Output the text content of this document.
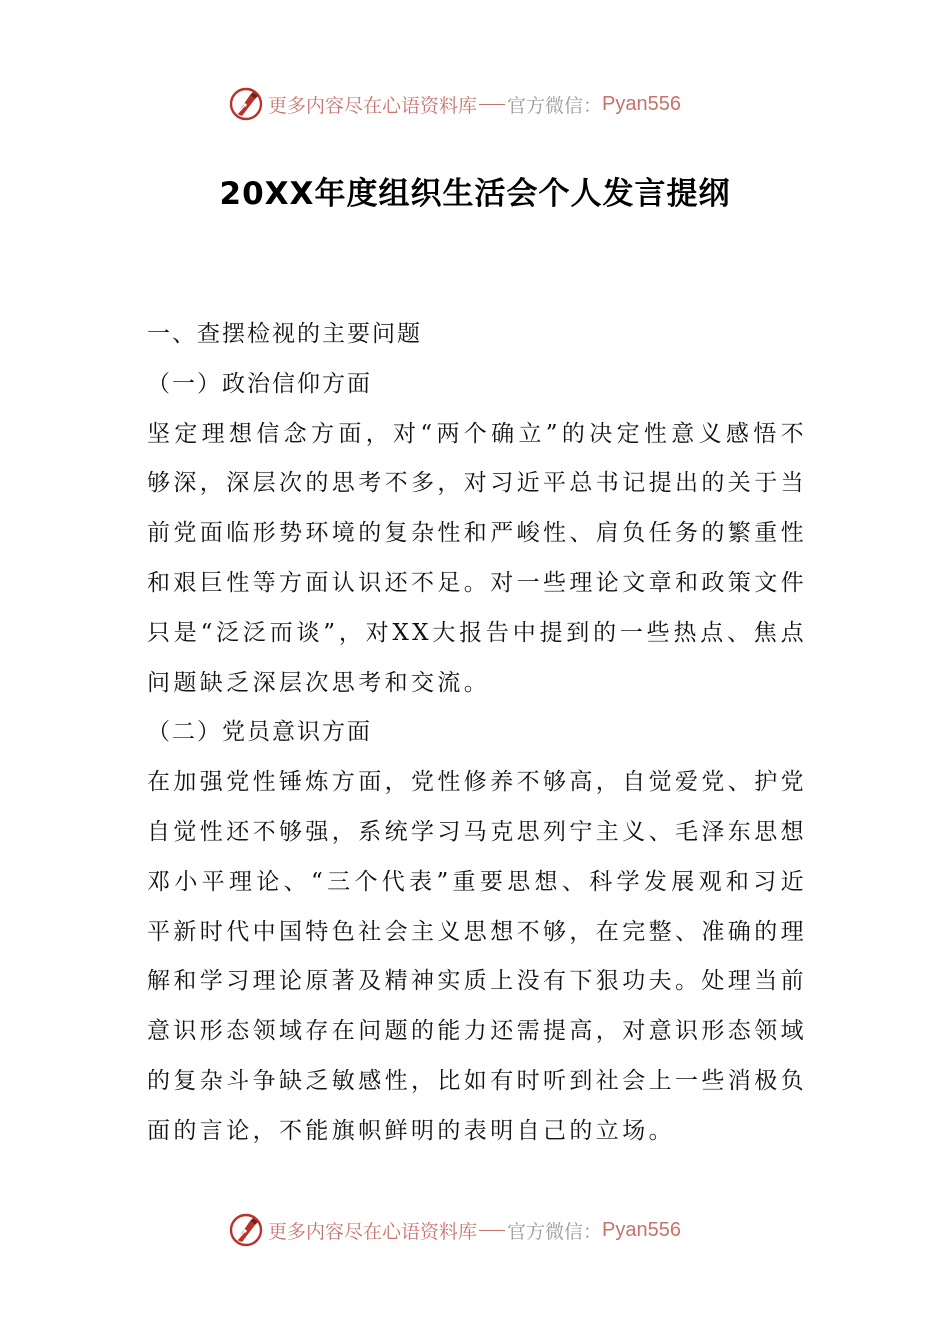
更多内容尽在心语资料库 官方微信： Pyan556
20XX年度组织生活会个人发言提纲

一、查摆检视的主要问题

（一）政治信仰方面

坚定理想信念方面，对“两个确立”的决定性意义感悟不够深，深层次的思考不多，对习近平总书记提出的关于当前党面临形势环境的复杂性和严峻性、肩负任务的繁重性和艰巨性等方面认识还不足。对一些理论文章和政策文件只是“泛泛而谈”，对XX大报告中提到的一些热点、焦点问题缺乏深层次思考和交流。

（二）党员意识方面

在加强党性锤炼方面，党性修养不够高，自觉爱党、护党自觉性还不够强，系统学习马克思列宁主义、毛泽东思想邓小平理论、“三个代表”重要思想、科学发展观和习近平新时代中国特色社会主义思想不够，在完整、准确的理解和学习理论原著及精神实质上没有下狠功夫。处理当前意识形态领域存在问题的能力还需提高，对意识形态领域的复杂斗争缺乏敏感性，比如有时听到社会上一些消极负面的言论，不能旗帜鲜明的表明自己的立场。

更多内容尽在心语资料库 官方微信： Pyan556
